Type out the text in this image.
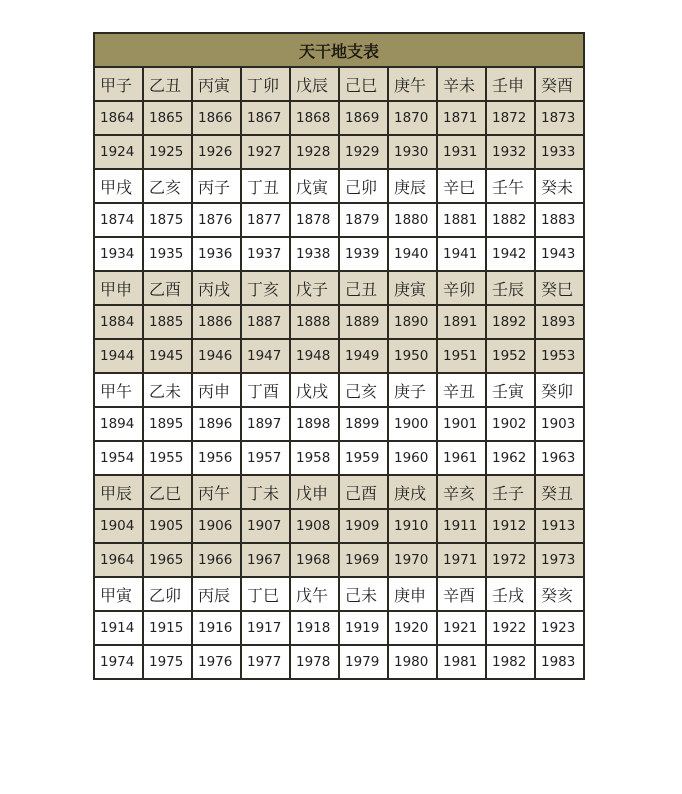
天干地支表									
甲子	乙丑	丙寅	丁卯	戊辰	己巳	庚午	辛未	壬申	癸酉
1864	1865	1866	1867	1868	1869	1870	1871	1872	1873
1924	1925	1926	1927	1928	1929	1930	1931	1932	1933
甲戌	乙亥	丙子	丁丑	戊寅	己卯	庚辰	辛巳	壬午	癸未
1874	1875	1876	1877	1878	1879	1880	1881	1882	1883
1934	1935	1936	1937	1938	1939	1940	1941	1942	1943
甲申	乙酉	丙戌	丁亥	戊子	己丑	庚寅	辛卯	壬辰	癸巳
1884	1885	1886	1887	1888	1889	1890	1891	1892	1893
1944	1945	1946	1947	1948	1949	1950	1951	1952	1953
甲午	乙未	丙申	丁酉	戊戌	己亥	庚子	辛丑	壬寅	癸卯
1894	1895	1896	1897	1898	1899	1900	1901	1902	1903
1954	1955	1956	1957	1958	1959	1960	1961	1962	1963
甲辰	乙巳	丙午	丁未	戊申	己酉	庚戌	辛亥	壬子	癸丑
1904	1905	1906	1907	1908	1909	1910	1911	1912	1913
1964	1965	1966	1967	1968	1969	1970	1971	1972	1973
甲寅	乙卯	丙辰	丁巳	戊午	己未	庚申	辛酉	壬戌	癸亥
1914	1915	1916	1917	1918	1919	1920	1921	1922	1923
1974	1975	1976	1977	1978	1979	1980	1981	1982	1983
